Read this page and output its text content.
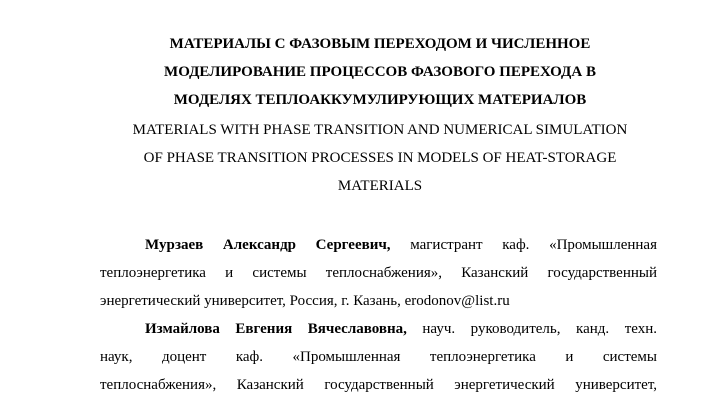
МАТЕРИАЛЫ С ФАЗОВЫМ ПЕРЕХОДОМ И ЧИСЛЕННОЕ
МОДЕЛИРОВАНИЕ ПРОЦЕССОВ ФАЗОВОГО ПЕРЕХОДА В
МОДЕЛЯХ ТЕПЛОАККУМУЛИРУЮЩИХ МАТЕРИАЛОВ
MATERIALS WITH PHASE TRANSITION AND NUMERICAL SIMULATION
OF PHASE TRANSITION PROCESSES IN MODELS OF HEAT-STORAGE
MATERIALS
Мурзаев Александр Сергеевич, магистрант каф. «Промышленная
теплоэнергетика и системы теплоснабжения», Казанский государственный
энергетический университет, Россия, г. Казань, erodonov@list.ru
Измайлова Евгения Вячеславовна, науч. руководитель, канд. техн.
наук, доцент каф. «Промышленная теплоэнергетика и системы
теплоснабжения», Казанский государственный энергетический университет,
